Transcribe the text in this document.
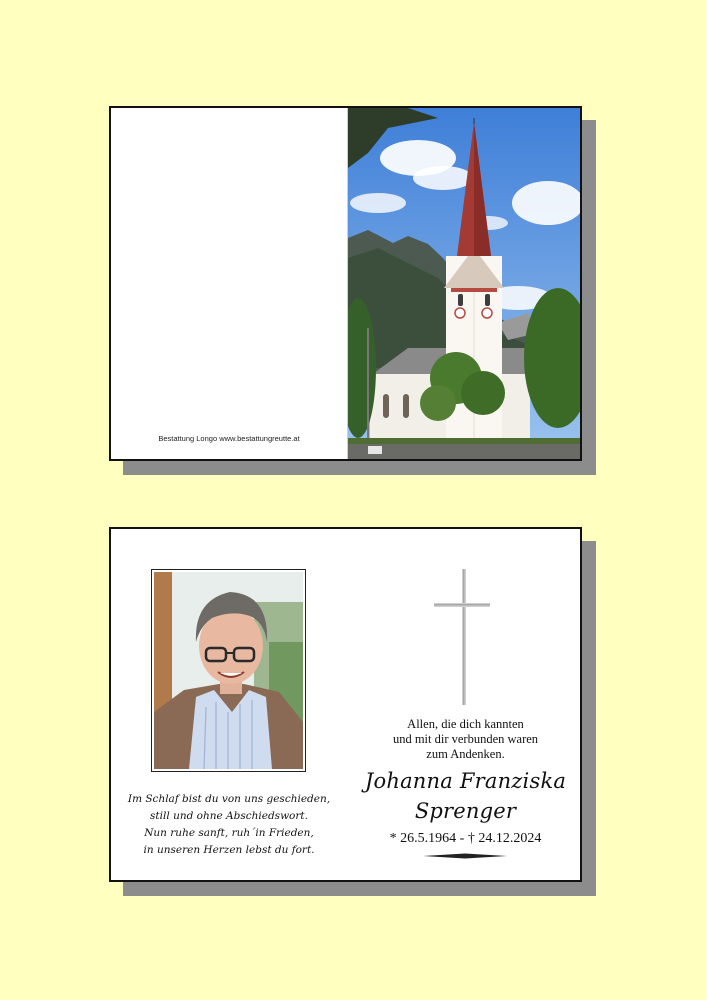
Bestattung Longo www.bestattungreutte.at
Im Schlaf bist du von uns geschieden,
still und ohne Abschiedswort.
Nun ruhe sanft, ruh´in Frieden,
in unseren Herzen lebst du fort.
Allen, die dich kannten
und mit dir verbunden waren
zum Andenken.
Johanna Franziska
Sprenger
* 26.5.1964 - † 24.12.2024
